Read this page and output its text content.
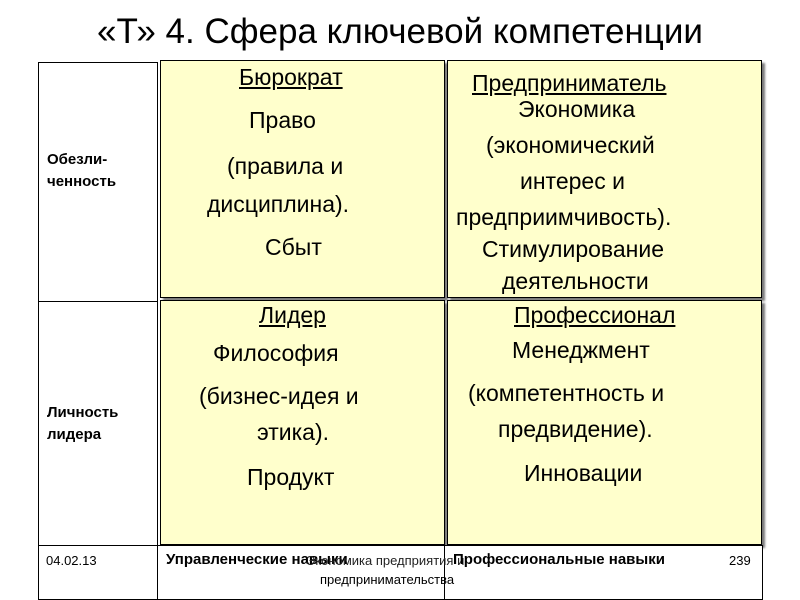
«Т» 4. Сфера ключевой компетенции
Обезли-
ченность
Личность
лидера
Бюрократ
Право
(правила и
дисциплина).
Сбыт
Предприниматель
Экономика
(экономический
интерес и
предприимчивость).
Стимулирование
деятельности
Лидер
Философия
(бизнес-идея и
этика).
Продукт
Профессионал
Менеджмент
(компетентность и
предвидение).
Инновации
04.02.13	Управленческие навыки
Экономика предприятия и
предпринимательства
Профессиональные навыки	239
